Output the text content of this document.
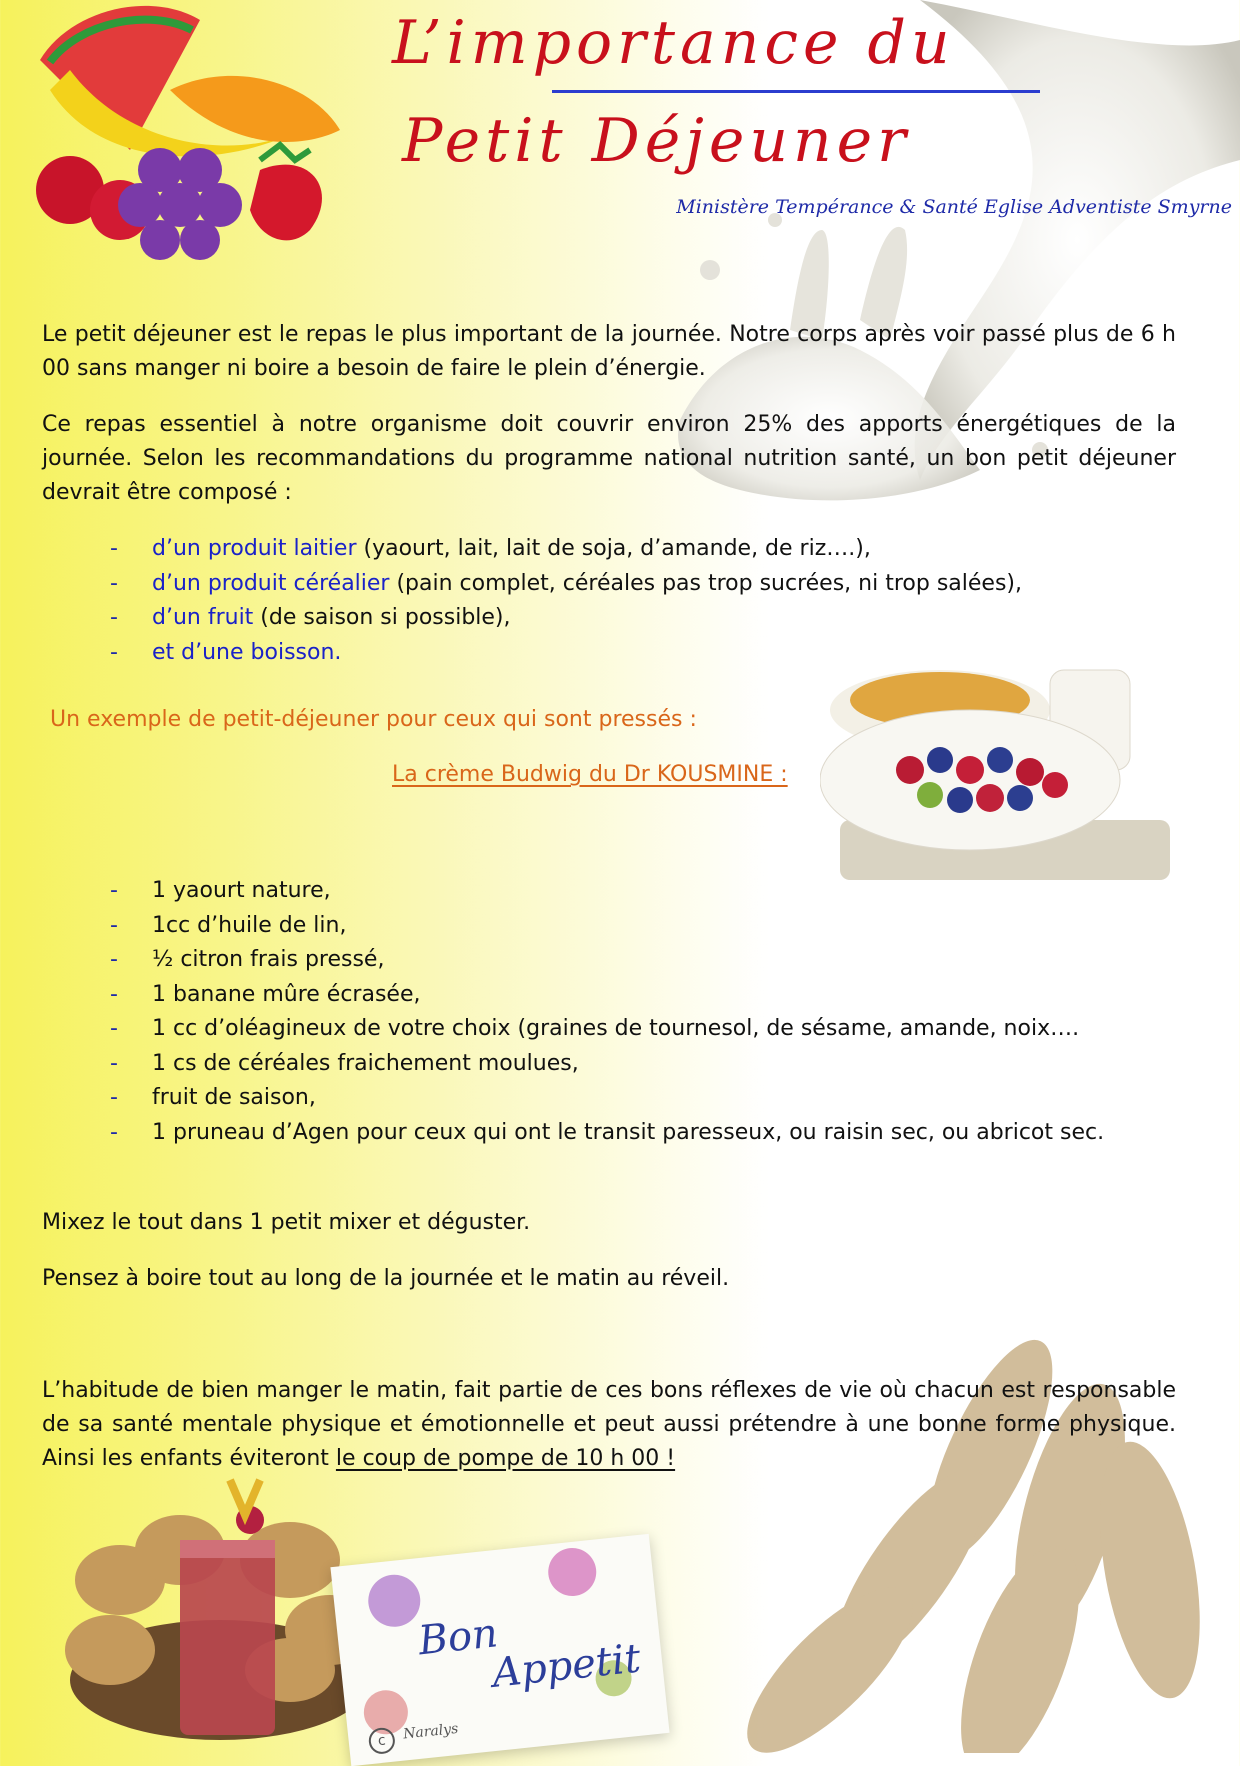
Bon
Appetit
c	Naralys
L’importance du
Petit Déjeuner
Ministère Tempérance & Santé Eglise Adventiste Smyrne
Le petit déjeuner est le repas le plus important de la journée. Notre corps après voir passé plus de 6 h 00 sans manger ni boire a besoin de faire le plein d’énergie.
Ce repas essentiel à notre organisme doit couvrir environ 25% des apports énergétiques de la journée. Selon les recommandations du programme national nutrition santé, un bon petit déjeuner devrait être composé :
- d’un produit laitier (yaourt, lait, lait de soja, d’amande, de riz….),
- d’un produit céréalier (pain complet, céréales pas trop sucrées, ni trop salées),
- d’un fruit (de saison si possible),
- et d’une boisson.
Un exemple de petit-déjeuner pour ceux qui sont pressés :
La crème Budwig du Dr KOUSMINE :
- 1 yaourt nature,
- 1cc d’huile de lin,
- ½ citron frais pressé,
- 1 banane mûre écrasée,
- 1 cc d’oléagineux de votre choix (graines de tournesol, de sésame, amande, noix….
- 1 cs de céréales fraichement moulues,
- fruit de saison,
- 1 pruneau d’Agen pour ceux qui ont le transit paresseux, ou raisin sec, ou abricot sec.
Mixez le tout dans 1 petit mixer et déguster.
Pensez à boire tout au long de la journée et le matin au réveil.
L’habitude de bien manger le matin, fait partie de ces bons réflexes de vie où chacun est responsable de sa santé mentale physique et émotionnelle et peut aussi prétendre à une bonne forme physique. Ainsi les enfants éviteront le coup de pompe de 10 h 00 !
